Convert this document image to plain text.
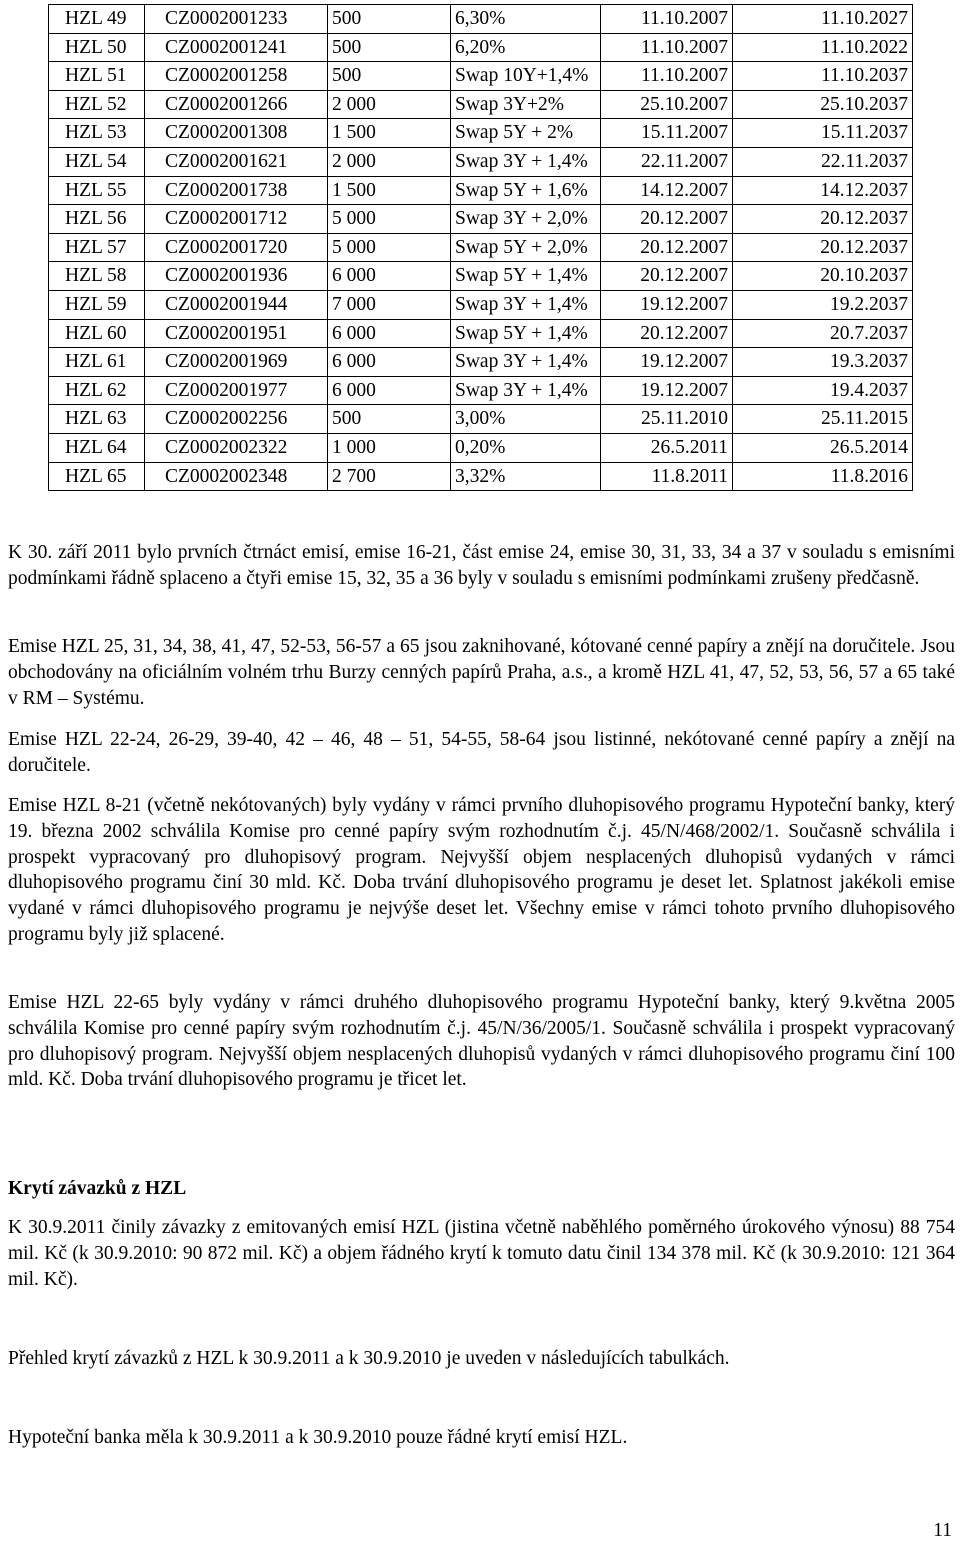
HZL 49	CZ0002001233	500	6,30%	11.10.2007	11.10.2027
HZL 50	CZ0002001241	500	6,20%	11.10.2007	11.10.2022
HZL 51	CZ0002001258	500	Swap 10Y+1,4%	11.10.2007	11.10.2037
HZL 52	CZ0002001266	2 000	Swap 3Y+2%	25.10.2007	25.10.2037
HZL 53	CZ0002001308	1 500	Swap 5Y + 2%	15.11.2007	15.11.2037
HZL 54	CZ0002001621	2 000	Swap 3Y + 1,4%	22.11.2007	22.11.2037
HZL 55	CZ0002001738	1 500	Swap 5Y + 1,6%	14.12.2007	14.12.2037
HZL 56	CZ0002001712	5 000	Swap 3Y + 2,0%	20.12.2007	20.12.2037
HZL 57	CZ0002001720	5 000	Swap 5Y + 2,0%	20.12.2007	20.12.2037
HZL 58	CZ0002001936	6 000	Swap 5Y + 1,4%	20.12.2007	20.10.2037
HZL 59	CZ0002001944	7 000	Swap 3Y + 1,4%	19.12.2007	19.2.2037
HZL 60	CZ0002001951	6 000	Swap 5Y + 1,4%	20.12.2007	20.7.2037
HZL 61	CZ0002001969	6 000	Swap 3Y + 1,4%	19.12.2007	19.3.2037
HZL 62	CZ0002001977	6 000	Swap 3Y + 1,4%	19.12.2007	19.4.2037
HZL 63	CZ0002002256	500	3,00%	25.11.2010	25.11.2015
HZL 64	CZ0002002322	1 000	0,20%	26.5.2011	26.5.2014
HZL 65	CZ0002002348	2 700	3,32%	11.8.2011	11.8.2016

K 30. září 2011 bylo prvních čtrnáct emisí, emise 16-21, část emise 24, emise 30, 31, 33, 34 a 37 v souladu s emisními podmínkami řádně splaceno a čtyři emise 15, 32, 35 a 36 byly v souladu s emisními podmínkami zrušeny předčasně.

Emise HZL 25, 31, 34, 38, 41, 47, 52-53, 56-57 a 65 jsou zaknihované, kótované cenné papíry a znějí na doručitele. Jsou obchodovány na oficiálním volném trhu Burzy cenných papírů Praha, a.s., a kromě HZL 41, 47, 52, 53, 56, 57 a 65 také v RM – Systému.

Emise HZL 22-24, 26-29, 39-40, 42 – 46, 48 – 51, 54-55, 58-64 jsou listinné, nekótované cenné papíry a znějí na doručitele.

Emise HZL 8-21 (včetně nekótovaných) byly vydány v rámci prvního dluhopisového programu Hypoteční banky, který 19. března 2002 schválila Komise pro cenné papíry svým rozhodnutím č.j. 45/N/468/2002/1. Současně schválila i prospekt vypracovaný pro dluhopisový program. Nejvyšší objem nesplacených dluhopisů vydaných v rámci dluhopisového programu činí 30 mld. Kč. Doba trvání dluhopisového programu je deset let. Splatnost jakékoli emise vydané v rámci dluhopisového programu je nejvýše deset let. Všechny emise v rámci tohoto prvního dluhopisového programu byly již splacené.

Emise HZL 22-65 byly vydány v rámci druhého dluhopisového programu Hypoteční banky, který 9.května 2005 schválila Komise pro cenné papíry svým rozhodnutím č.j. 45/N/36/2005/1. Současně schválila i prospekt vypracovaný pro dluhopisový program. Nejvyšší objem nesplacených dluhopisů vydaných v rámci dluhopisového programu činí 100 mld. Kč. Doba trvání dluhopisového programu je třicet let.

Krytí závazků z HZL

K 30.9.2011 činily závazky z emitovaných emisí HZL (jistina včetně naběhlého poměrného úrokového výnosu) 88 754 mil. Kč (k 30.9.2010: 90 872 mil. Kč) a objem řádného krytí k tomuto datu činil 134 378 mil. Kč (k 30.9.2010: 121 364 mil. Kč).

Přehled krytí závazků z HZL k 30.9.2011 a k 30.9.2010 je uveden v následujících tabulkách.

Hypoteční banka měla k 30.9.2011 a k 30.9.2010 pouze řádné krytí emisí HZL.

11
